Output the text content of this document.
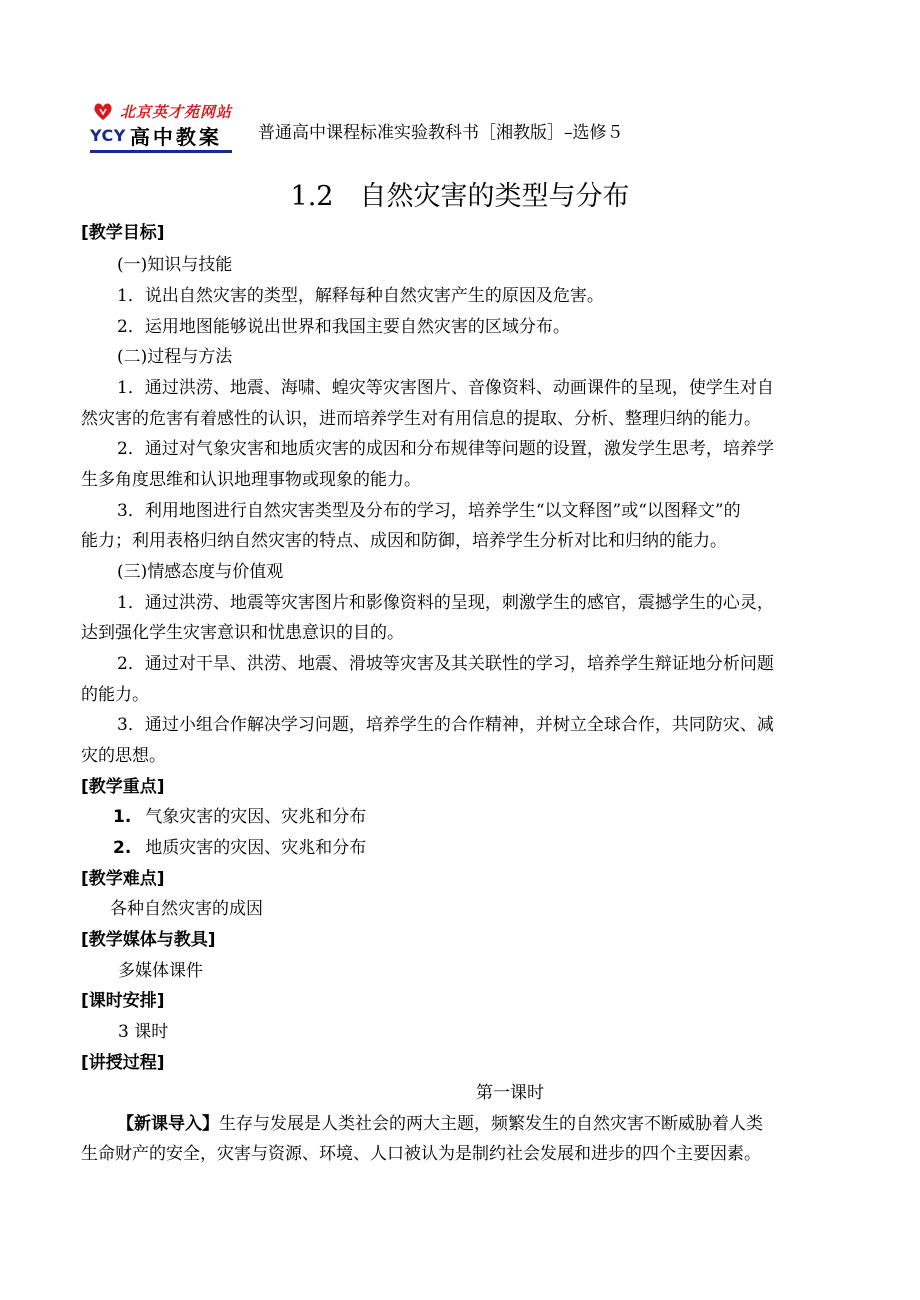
北京英才苑网站
YCY 高中教案 普通高中课程标准实验教科书［湘教版］–选修５
1.2 自然灾害的类型与分布
[教学目标]
(一)知识与技能
1．说出自然灾害的类型，解释每种自然灾害产生的原因及危害。
2．运用地图能够说出世界和我国主要自然灾害的区域分布。
(二)过程与方法
1．通过洪涝、地震、海啸、蝗灾等灾害图片、音像资料、动画课件的呈现，使学生对自
然灾害的危害有着感性的认识，进而培养学生对有用信息的提取、分析、整理归纳的能力。
2．通过对气象灾害和地质灾害的成因和分布规律等问题的设置，激发学生思考，培养学
生多角度思维和认识地理事物或现象的能力。
3．利用地图进行自然灾害类型及分布的学习，培养学生“以文释图”或“以图释文”的
能力；利用表格归纳自然灾害的特点、成因和防御，培养学生分析对比和归纳的能力。
(三)情感态度与价值观
1．通过洪涝、地震等灾害图片和影像资料的呈现，刺激学生的感官，震撼学生的心灵，
达到强化学生灾害意识和忧患意识的目的。
2．通过对干旱、洪涝、地震、滑坡等灾害及其关联性的学习，培养学生辩证地分析问题
的能力。
3．通过小组合作解决学习问题，培养学生的合作精神，并树立全球合作，共同防灾、减
灾的思想。
[教学重点]
1. 气象灾害的灾因、灾兆和分布
2. 地质灾害的灾因、灾兆和分布
[教学难点]
各种自然灾害的成因
[教学媒体与教具]
多媒体课件
[课时安排]
3 课时
[讲授过程]
第一课时
【新课导入】生存与发展是人类社会的两大主题，频繁发生的自然灾害不断威胁着人类
生命财产的安全，灾害与资源、环境、人口被认为是制约社会发展和进步的四个主要因素。
